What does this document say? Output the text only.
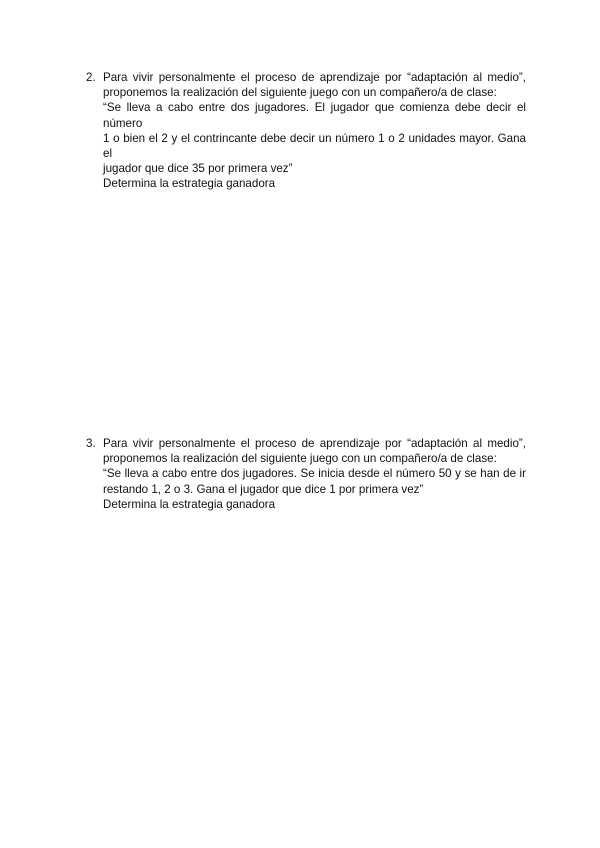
2. Para vivir personalmente el proceso de aprendizaje por “adaptación al medio”,
proponemos la realización del siguiente juego con un compañero/a de clase:
“Se lleva a cabo entre dos jugadores. El jugador que comienza debe decir el número
1 o bien el 2 y el contrincante debe decir un número 1 o 2 unidades mayor. Gana el
jugador que dice 35 por primera vez”
Determina la estrategia ganadora
3. Para vivir personalmente el proceso de aprendizaje por “adaptación al medio”,
proponemos la realización del siguiente juego con un compañero/a de clase:
“Se lleva a cabo entre dos jugadores. Se inicia desde el número 50 y se han de ir
restando 1, 2 o 3. Gana el jugador que dice 1 por primera vez”
Determina la estrategia ganadora
